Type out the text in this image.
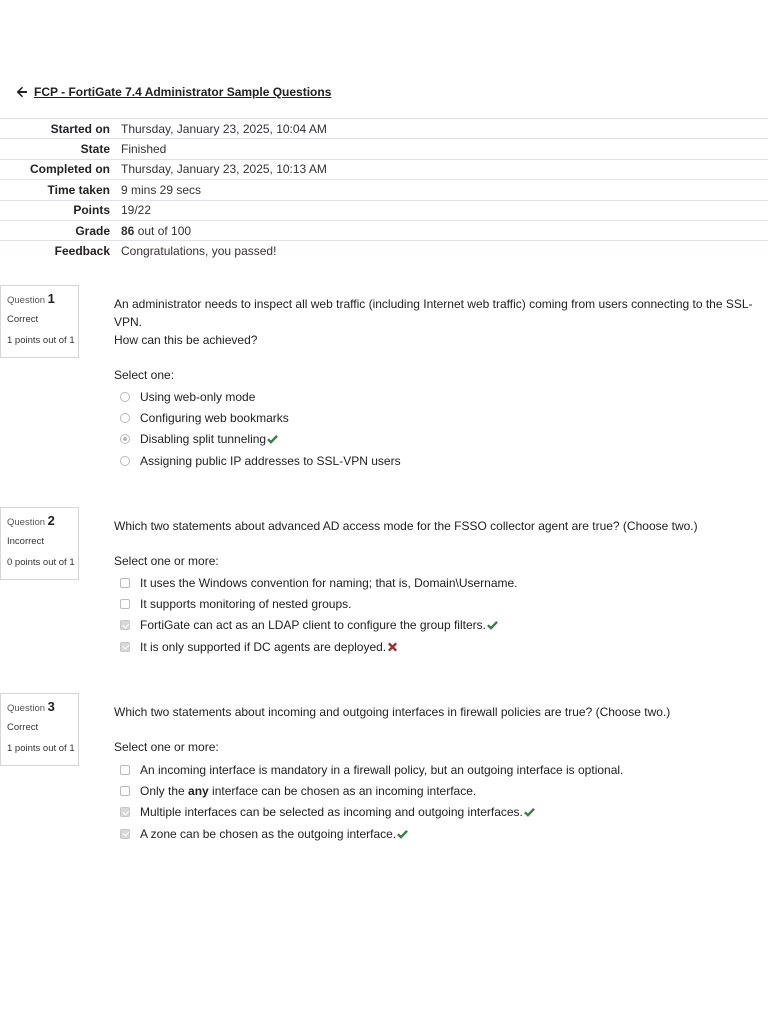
FCP - FortiGate 7.4 Administrator Sample Questions
Started on	Thursday, January 23, 2025, 10:04 AM
State	Finished
Completed on	Thursday, January 23, 2025, 10:13 AM
Time taken	9 mins 29 secs
Points	19/22
Grade	86 out of 100
Feedback	Congratulations, you passed!
Question 1
Correct
1 points out of 1
An administrator needs to inspect all web traffic (including Internet web traffic) coming from users connecting to the SSL-
VPN.
How can this be achieved?
Select one:
Using web-only mode
Configuring web bookmarks
Disabling split tunneling
Assigning public IP addresses to SSL-VPN users
Question 2
Incorrect
0 points out of 1
Which two statements about advanced AD access mode for the FSSO collector agent are true? (Choose two.)
Select one or more:
It uses the Windows convention for naming; that is, Domain\Username.
It supports monitoring of nested groups.
FortiGate can act as an LDAP client to configure the group filters.
It is only supported if DC agents are deployed.
Question 3
Correct
1 points out of 1
Which two statements about incoming and outgoing interfaces in firewall policies are true? (Choose two.)
Select one or more:
An incoming interface is mandatory in a firewall policy, but an outgoing interface is optional.
Only the any interface can be chosen as an incoming interface.
Multiple interfaces can be selected as incoming and outgoing interfaces.
A zone can be chosen as the outgoing interface.
